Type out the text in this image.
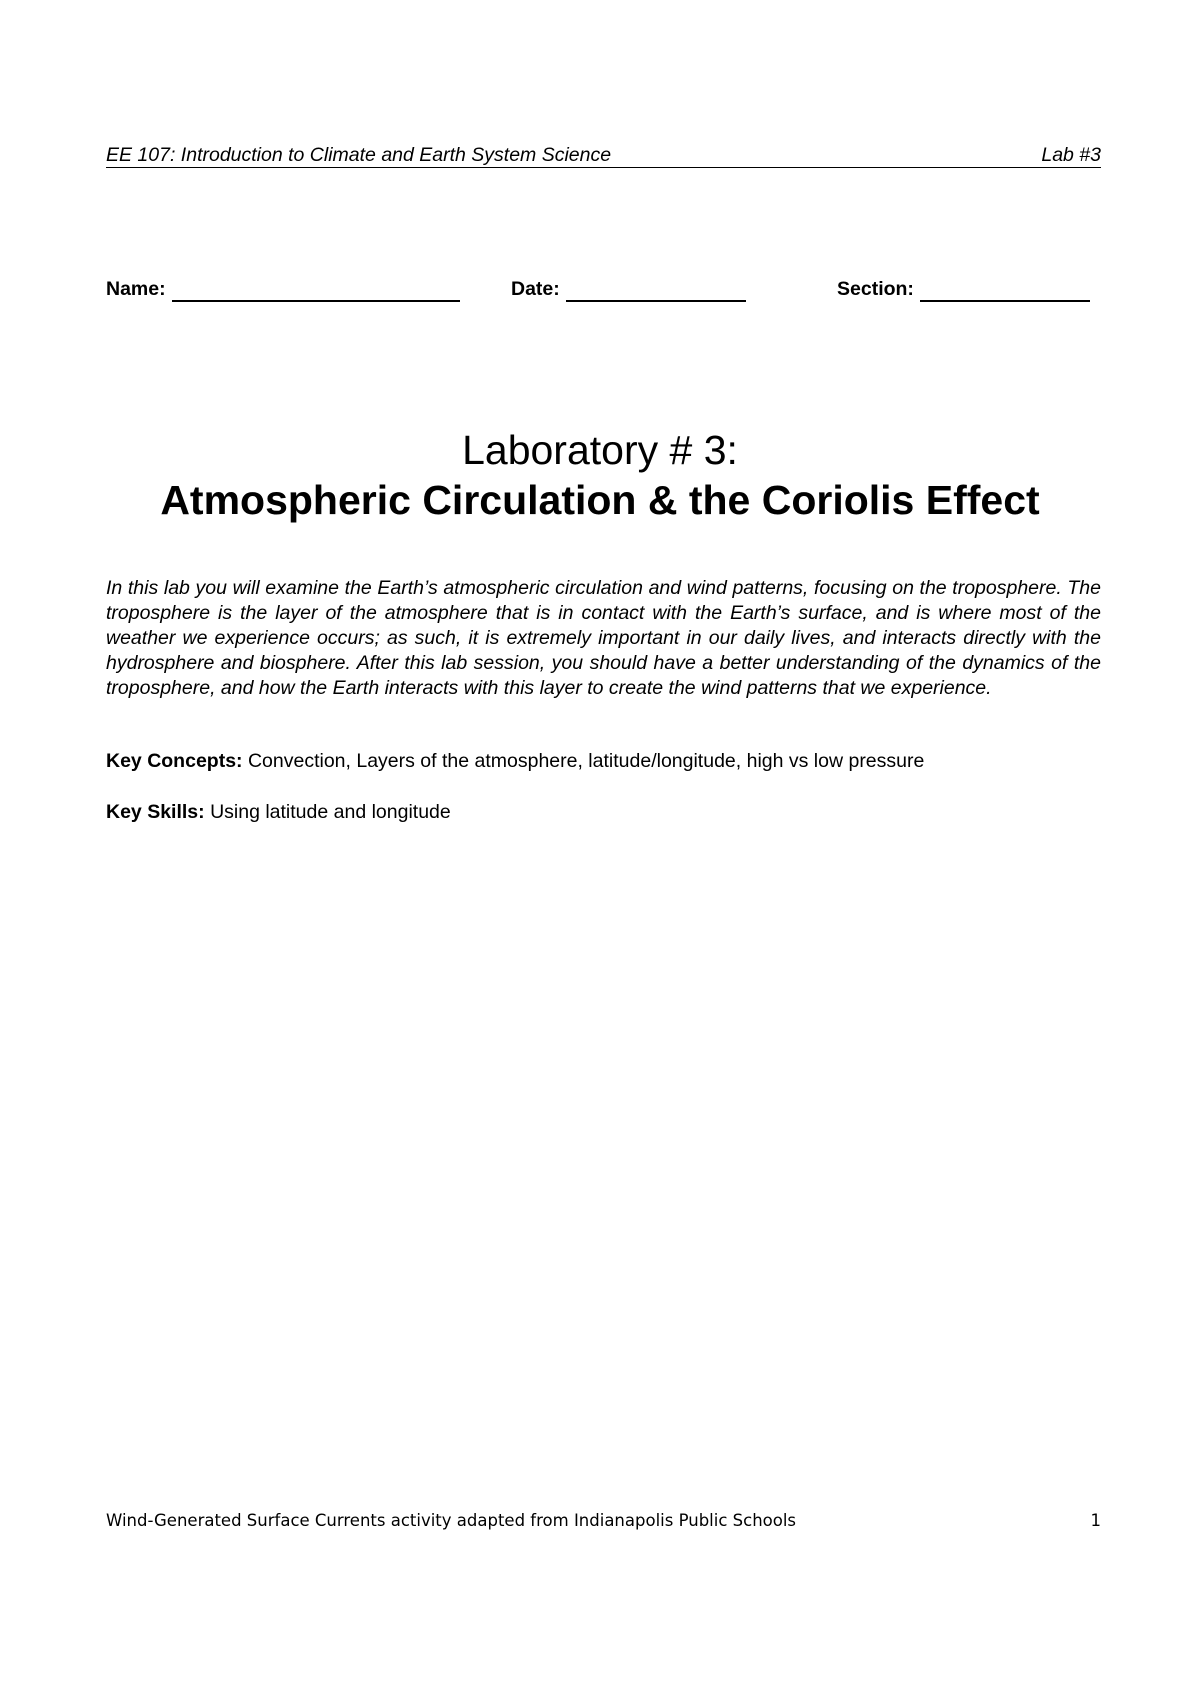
EE 107: Introduction to Climate and Earth System Science	Lab #3
Name:	Date:	Section:
Laboratory # 3:
Atmospheric Circulation & the Coriolis Effect

In this lab you will examine the Earth’s atmospheric circulation and wind patterns, focusing on the troposphere. The troposphere is the layer of the atmosphere that is in contact with the Earth’s surface, and is where most of the weather we experience occurs; as such, it is extremely important in our daily lives, and interacts directly with the hydrosphere and biosphere. After this lab session, you should have a better understanding of the dynamics of the troposphere, and how the Earth interacts with this layer to create the wind patterns that we experience.

Key Concepts: Convection, Layers of the atmosphere, latitude/longitude, high vs low pressure

Key Skills: Using latitude and longitude

Wind-Generated Surface Currents activity adapted from Indianapolis Public Schools	1
